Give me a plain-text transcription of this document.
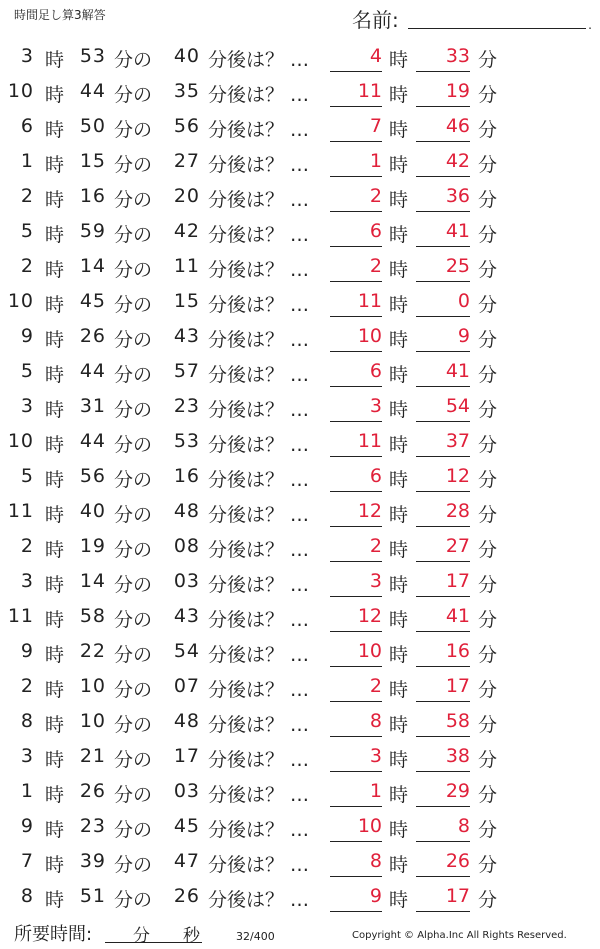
時間足し算3解答	名前:	.
3 時 53 分の	40 分後は？ …	4 時	33 分
10 時 44 分の	35 分後は？ …	11 時	19 分
6 時 50 分の	56 分後は？ …	7 時	46 分
1 時 15 分の	27 分後は？ …	1 時	42 分
2 時 16 分の	20 分後は？ …	2 時	36 分
5 時 59 分の	42 分後は？ …	6 時	41 分
2 時 14 分の	11 分後は？ …	2 時	25 分
10 時 45 分の	15 分後は？ …	11 時	0 分
9 時 26 分の	43 分後は？ …	10 時	9 分
5 時 44 分の	57 分後は？ …	6 時	41 分
3 時 31 分の	23 分後は？ …	3 時	54 分
10 時 44 分の	53 分後は？ …	11 時	37 分
5 時 56 分の	16 分後は？ …	6 時	12 分
11 時 40 分の	48 分後は？ …	12 時	28 分
2 時 19 分の	08 分後は？ …	2 時	27 分
3 時 14 分の	03 分後は？ …	3 時	17 分
11 時 58 分の	43 分後は？ …	12 時	41 分
9 時 22 分の	54 分後は？ …	10 時	16 分
2 時 10 分の	07 分後は？ …	2 時	17 分
8 時 10 分の	48 分後は？ …	8 時	58 分
3 時 21 分の	17 分後は？ …	3 時	38 分
1 時 26 分の	03 分後は？ …	1 時	29 分
9 時 23 分の	45 分後は？ …	10 時	8 分
7 時 39 分の	47 分後は？ …	8 時	26 分
8 時 51 分の	26 分後は？ …	9 時	17 分
所要時間: 分 秒	32/400	Copyright © Alpha.Inc All Rights Reserved.
